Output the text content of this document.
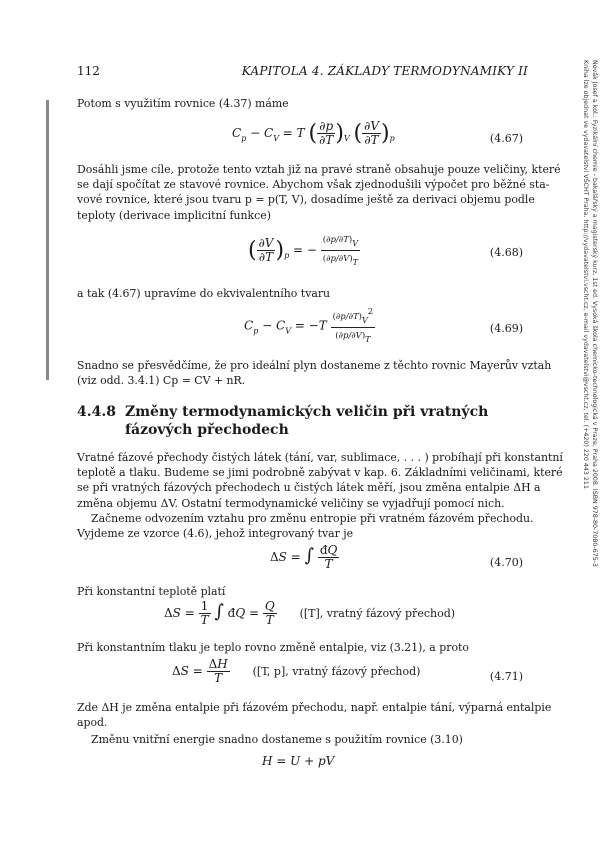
112	KAPITOLA 4. ZÁKLADY TERMODYNAMIKY II	Novák Josef a kol.: Fyzikální chemie - bakalářský a magisterský kurz. 1st ed. Vysoká škola chemicko-technologická v Praze, Praha 2008. ISBN 978-80-7080-675-3
Kniha lze objednat ve vydavatelství VŠCHT Praha. http://vydavatelstvi.vscht.cz, e-mail vydavatelstvi@vscht.cz, tel. (+420) 220 443 211
Potom s využitím rovnice (4.37) máme
$C_p - C_V = T$ ( $\frac{\partial p}{\partial T} )_V$ ( $\frac{\partial V}{\partial T} )_p$	(4.67)
Dosáhli jsme cíle, protože tento vztah již na pravé straně obsahuje pouze veličiny, které
se dají spočítat ze stavové rovnice. Abychom však zjednodušili výpočet pro běžné sta-
vové rovnice, které jsou tvaru p = p(T, V), dosadíme ještě za derivaci objemu podle
teploty (derivace implicitní funkce)
( $\frac{\partial V}{\partial T} )_p$ = − $\frac{(\partial p/\partial T)_V}{(\partial p/\partial V)_T}$	(4.68)
a tak (4.67) upravíme do ekvivalentního tvaru
$C_p - C_V = -T \frac{(\partial p/\partial T)_V^2}{(\partial p/\partial V)_T}$	(4.69)
Snadno se přesvědčíme, že pro ideální plyn dostaneme z těchto rovnic Mayerův vztah
(viz odd. 3.4.1) Cp = CV + nR.
4.4.8 Změny termodynamických veličin při vratných
fázových přechodech
Vratné fázové přechody čistých látek (tání, var, sublimace, . . . ) probíhají při konstantní
teplotě a tlaku. Budeme se jimi podrobně zabývat v kap. 6. Základními veličinami, které
se při vratných fázových přechodech u čistých látek měří, jsou změna entalpie ΔH a
změna objemu ΔV. Ostatní termodynamické veličiny se vyjadřují pomocí nich.
Začneme odvozením vztahu pro změnu entropie při vratném fázovém přechodu.
Vyjdeme ze vzorce (4.6), jehož integrovaný tvar je
ΔS = ∫ $\frac{đQ}{T}$	(4.70)
Při konstantní teplotě platí
$\Delta S = \frac{1}{T}$ ∫ đQ = $\frac{Q}{T} ([T]$, vratný fázový přechod)
Při konstantním tlaku je teplo rovno změně entalpie, viz (3.21), a proto
$\Delta S = \frac{\Delta H}{T} ([T$, p], vratný fázový přechod)	(4.71)
Zde ΔH je změna entalpie při fázovém přechodu, např. entalpie tání, výparná entalpie
apod.
Změnu vnitřní energie snadno dostaneme s použitím rovnice (3.10)
H = U + pV
